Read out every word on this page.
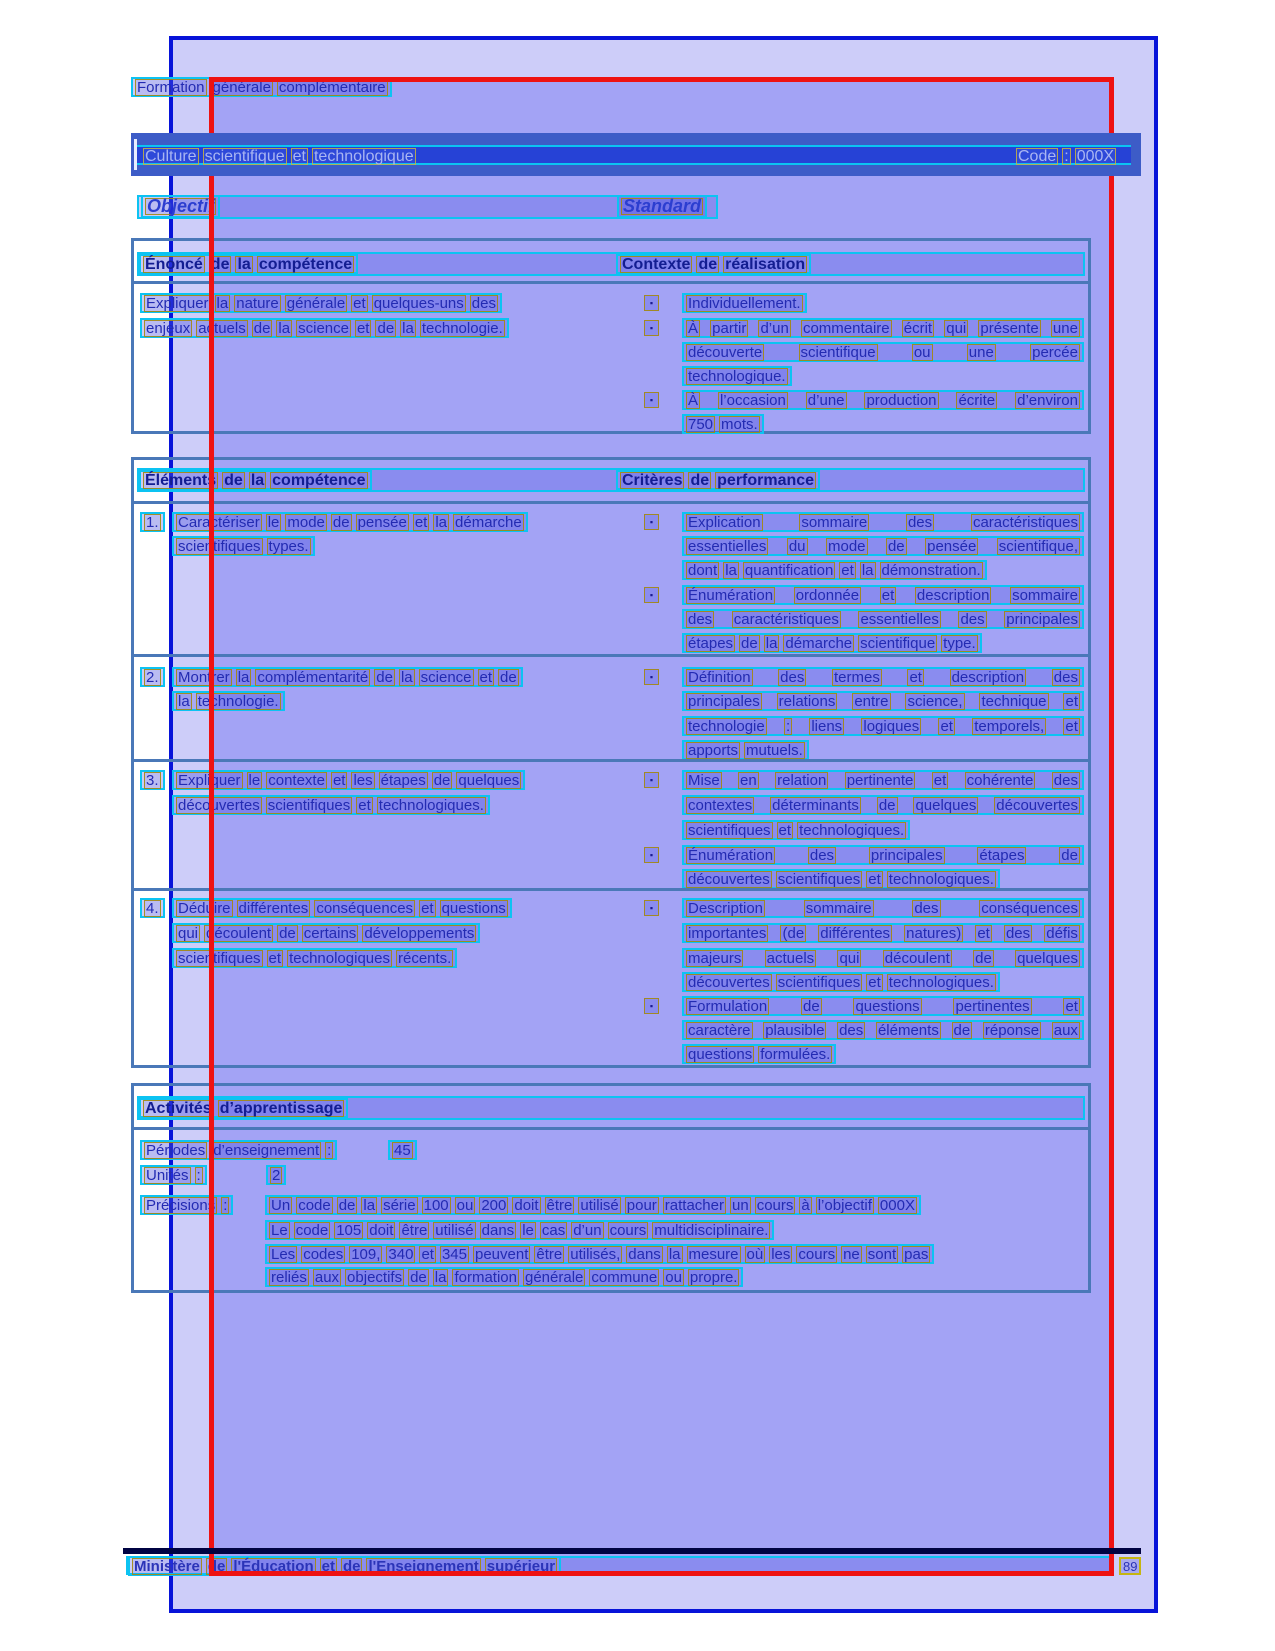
Formation générale complémentaire
Culture scientifique et technologique	Code : 000X
Objectif	Standard
Énoncé de la compétence	Contexte de réalisation
Expliquer la nature générale et quelques-uns des
enjeux actuels de la science et de la technologie.
▪	Individuellement.
▪	À partir d’un commentaire écrit qui présente une
découverte	scientifique	ou	une	percée
technologique.
▪	À l’occasion d’une production écrite d’environ
750 mots.
Éléments de la compétence	Critères de performance
1. Caractériser le mode de pensée et la démarche
scientifiques types.
▪	Explication	sommaire	des	caractéristiques
essentielles du mode de pensée scientifique,
dont la quantification et la démonstration.
▪	Énumération ordonnée et description sommaire
des caractéristiques essentielles des principales
étapes de la démarche scientifique type.
2. Montrer la complémentarité de la science et de
la technologie.
▪	Définition des termes et description des
principales relations entre science, technique et
technologie : liens logiques et temporels, et
apports mutuels.
3. Expliquer le contexte et les étapes de quelques
découvertes scientifiques et technologiques.
▪	Mise en relation pertinente et cohérente des
contextes déterminants de quelques découvertes
scientifiques et technologiques.
▪	Énumération des principales étapes de
découvertes scientifiques et technologiques.
4. Déduire différentes conséquences et questions
qui découlent de certains développements
scientifiques et technologiques récents.
▪	Description	sommaire	des	conséquences
importantes (de différentes natures) et des défis
majeurs actuels qui découlent de quelques
découvertes scientifiques et technologiques.
▪	Formulation de questions pertinentes et
caractère plausible des éléments de réponse aux
questions formulées.
Activités d’apprentissage
Périodes d’enseignement :	45
Unités :	2
Précisions :	Un code de la série 100 ou 200 doit être utilisé pour rattacher un cours à l’objectif 000X
Le code 105 doit être utilisé dans le cas d’un cours multidisciplinaire.
Les codes 109, 340 et 345 peuvent être utilisés, dans la mesure où les cours ne sont pas
reliés aux objectifs de la formation générale commune ou propre.
Ministère de l'Éducation et de l'Enseignement supérieur	89
